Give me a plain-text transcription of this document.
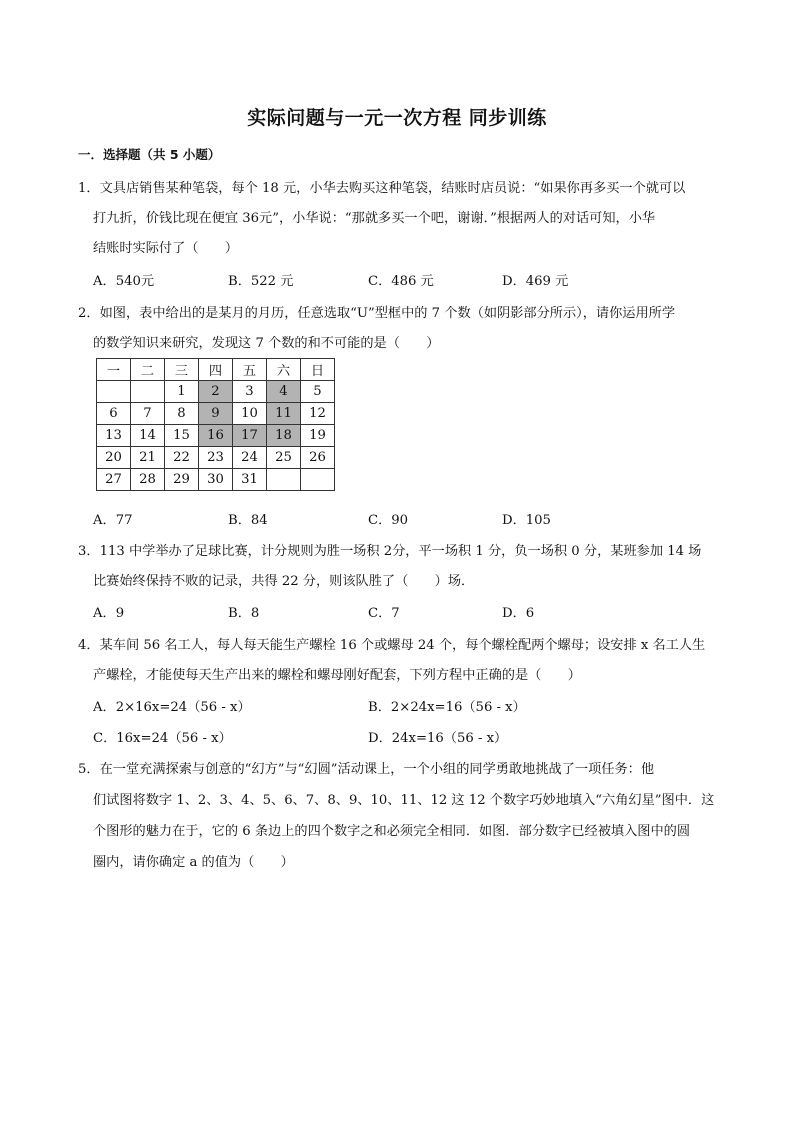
实际问题与一元一次方程 同步训练
一．选择题（共 5 小题）
1．文具店销售某种笔袋，每个 18 元，小华去购买这种笔袋，结账时店员说：“如果你再多买一个就可以
打九折，价钱比现在便宜 36元”，小华说：“那就多买一个吧，谢谢．”根据两人的对话可知，小华
结账时实际付了（　　）
A．540元	B．522 元	C．486 元	D．469 元
2．如图，表中给出的是某月的月历，任意选取“U”型框中的 7 个数（如阴影部分所示），请你运用所学
的数学知识来研究，发现这 7 个数的和不可能的是（　　）
一	二	三	四	五	六	日
		1	2	3	4	5
6	7	8	9	10	11	12
13	14	15	16	17	18	19
20	21	22	23	24	25	26
27	28	29	30	31		
A．77	B．84	C．90	D．105
3．113 中学举办了足球比赛，计分规则为胜一场积 2分，平一场积 1 分，负一场积 0 分，某班参加 14 场
比赛始终保持不败的记录，共得 22 分，则该队胜了（　　）场．
A．9	B．8	C．7	D．6
4．某车间 56 名工人，每人每天能生产螺栓 16 个或螺母 24 个，每个螺栓配两个螺母；设安排 x 名工人生
产螺栓，才能使每天生产出来的螺栓和螺母刚好配套，下列方程中正确的是（　　）
A．2×16x=24（56 - x）	B．2×24x=16（56 - x）
C．16x=24（56 - x）	D．24x=16（56 - x）
5．在一堂充满探索与创意的“幻方”与“幻圆”活动课上，一个小组的同学勇敢地挑战了一项任务：他
们试图将数字 1、2、3、4、5、6、7、8、9、10、11、12 这 12 个数字巧妙地填入“六角幻星”图中．这
个图形的魅力在于，它的 6 条边上的四个数字之和必须完全相同．如图．部分数字已经被填入图中的圆
圈内，请你确定 a 的值为（　　）
